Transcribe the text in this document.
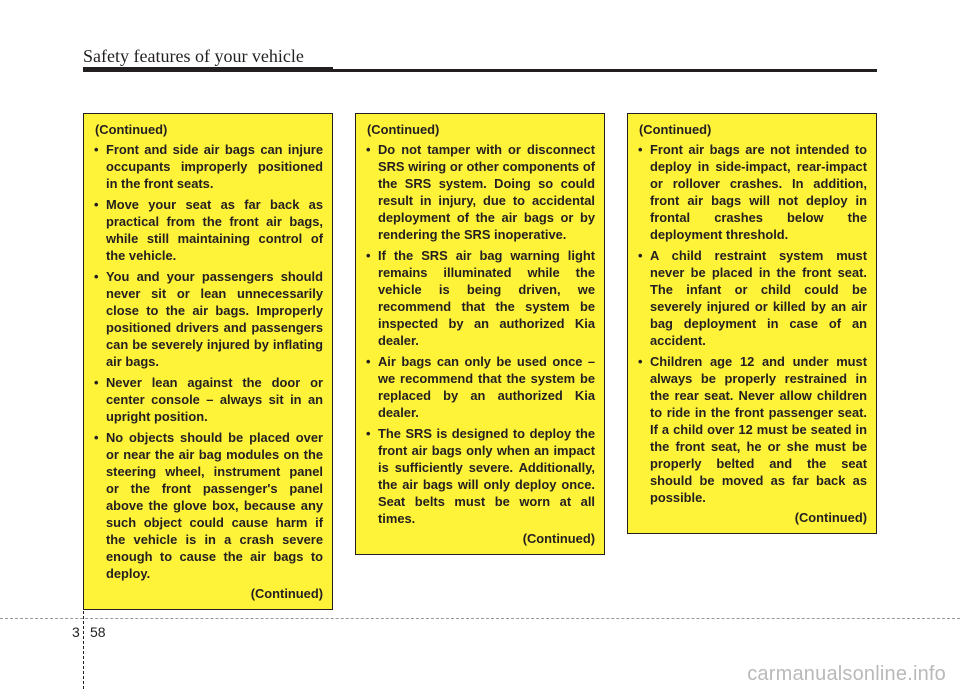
Safety features of your vehicle
(Continued)
• Front and side air bags can injure occupants improperly positioned in the front seats.
• Move your seat as far back as practical from the front air bags, while still maintaining control of the vehicle.
• You and your passengers should never sit or lean unnecessarily close to the air bags. Improperly positioned drivers and passengers can be severely injured by inflating air bags.
• Never lean against the door or center console – always sit in an upright position.
• No objects should be placed over or near the air bag modules on the steering wheel, instrument panel or the front passenger's panel above the glove box, because any such object could cause harm if the vehicle is in a crash severe enough to cause the air bags to deploy.
(Continued)
(Continued)
• Do not tamper with or disconnect SRS wiring or other components of the SRS system. Doing so could result in injury, due to accidental deployment of the air bags or by rendering the SRS inoperative.
• If the SRS air bag warning light remains illuminated while the vehicle is being driven, we recommend that the system be inspected by an authorized Kia dealer.
• Air bags can only be used once – we recommend that the system be replaced by an authorized Kia dealer.
• The SRS is designed to deploy the front air bags only when an impact is sufficiently severe. Additionally, the air bags will only deploy once. Seat belts must be worn at all times.
(Continued)
(Continued)
• Front air bags are not intended to deploy in side-impact, rear-impact or rollover crashes. In addition, front air bags will not deploy in frontal crashes below the deployment threshold.
• A child restraint system must never be placed in the front seat. The infant or child could be severely injured or killed by an air bag deployment in case of an accident.
• Children age 12 and under must always be properly restrained in the rear seat. Never allow children to ride in the front passenger seat. If a child over 12 must be seated in the front seat, he or she must be properly belted and the seat should be moved as far back as possible.
(Continued)
3 58
carmanualsonline.info
